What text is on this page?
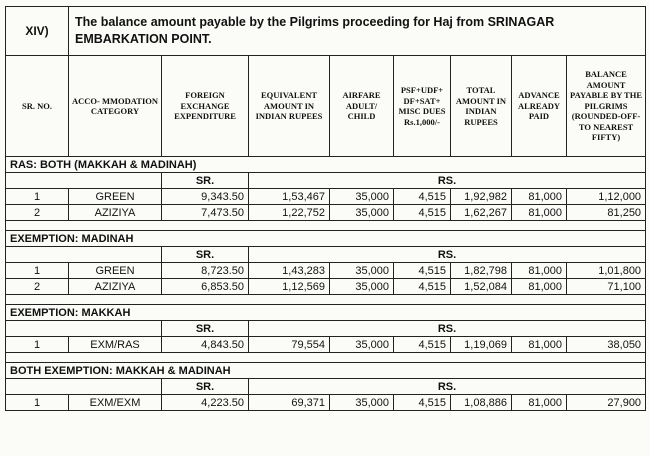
XIV)	The balance amount payable by the Pilgrims proceeding for Haj from SRINAGAR EMBARKATION POINT.							
SR. NO.	ACCO- MMODATION CATEGORY	FOREIGN EXCHANGE EXPENDITURE	EQUIVALENT AMOUNT IN INDIAN RUPEES	AIRFARE ADULT/ CHILD	PSF+UDF+ DF+SAT+ MISC DUES Rs.1,000/-	TOTAL AMOUNT IN INDIAN RUPEES	ADVANCE ALREADY PAID	BALANCE AMOUNT PAYABLE BY THE PILGRIMS (ROUNDED-OFF-TO NEAREST FIFTY)
RAS: BOTH (MAKKAH & MADINAH)								
		SR.	RS.					
1	GREEN	9,343.50	1,53,467	35,000	4,515	1,92,982	81,000	1,12,000
2	AZIZIYA	7,473.50	1,22,752	35,000	4,515	1,62,267	81,000	81,250

EXEMPTION: MADINAH								
		SR.	RS.					
1	GREEN	8,723.50	1,43,283	35,000	4,515	1,82,798	81,000	1,01,800
2	AZIZIYA	6,853.50	1,12,569	35,000	4,515	1,52,084	81,000	71,100

EXEMPTION: MAKKAH								
		SR.	RS.					
1	EXM/RAS	4,843.50	79,554	35,000	4,515	1,19,069	81,000	38,050

BOTH EXEMPTION: MAKKAH & MADINAH								
		SR.	RS.					
1	EXM/EXM	4,223.50	69,371	35,000	4,515	1,08,886	81,000	27,900
